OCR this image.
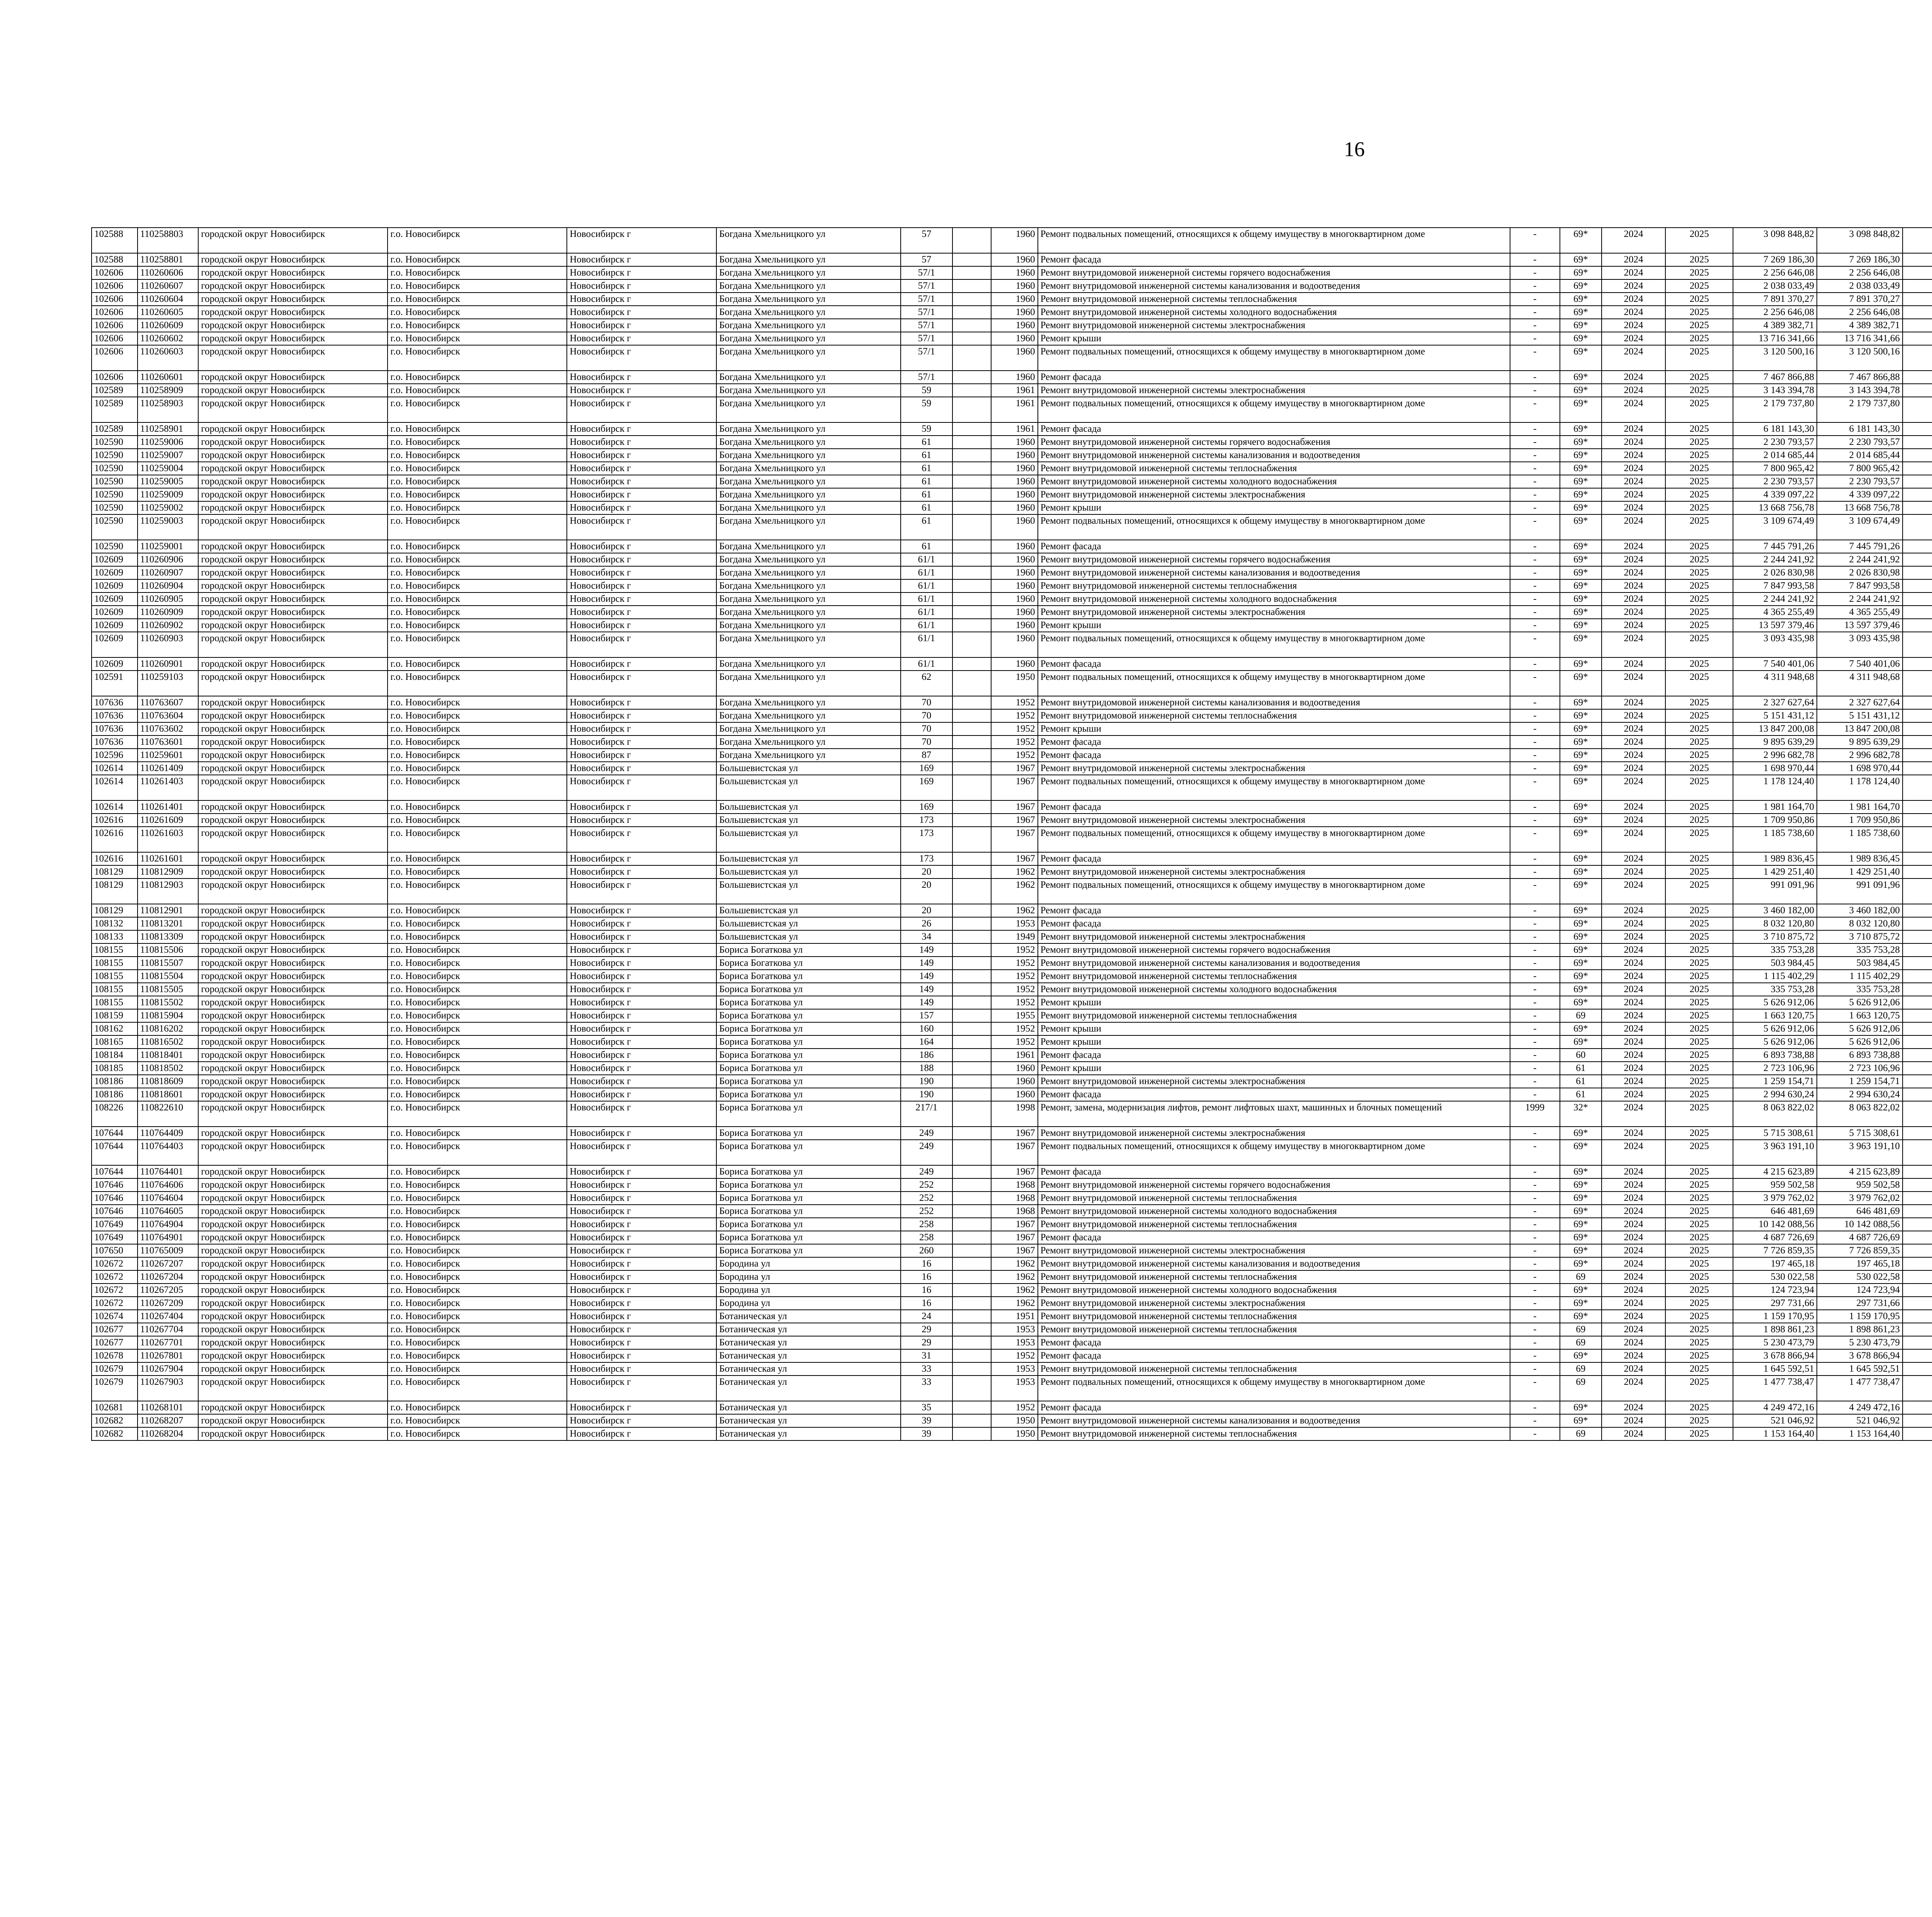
16
102588	110258803	городской округ Новосибирск	г.о. Новосибирск	Новосибирск г	Богдана Хмельницкого ул	57		1960	Ремонт подвальных помещений, относящихся к общему имуществу в многоквартирном доме	-	69*	2024	2025	3 098 848,82	3 098 848,82						
102588	110258801	городской округ Новосибирск	г.о. Новосибирск	Новосибирск г	Богдана Хмельницкого ул	57		1960	Ремонт фасада	-	69*	2024	2025	7 269 186,30	7 269 186,30						
102606	110260606	городской округ Новосибирск	г.о. Новосибирск	Новосибирск г	Богдана Хмельницкого ул	57/1		1960	Ремонт внутридомовой инженерной системы горячего водоснабжения	-	69*	2024	2025	2 256 646,08	2 256 646,08						
102606	110260607	городской округ Новосибирск	г.о. Новосибирск	Новосибирск г	Богдана Хмельницкого ул	57/1		1960	Ремонт внутридомовой инженерной системы канализования и водоотведения	-	69*	2024	2025	2 038 033,49	2 038 033,49						
102606	110260604	городской округ Новосибирск	г.о. Новосибирск	Новосибирск г	Богдана Хмельницкого ул	57/1		1960	Ремонт внутридомовой инженерной системы теплоснабжения	-	69*	2024	2025	7 891 370,27	7 891 370,27						
102606	110260605	городской округ Новосибирск	г.о. Новосибирск	Новосибирск г	Богдана Хмельницкого ул	57/1		1960	Ремонт внутридомовой инженерной системы холодного водоснабжения	-	69*	2024	2025	2 256 646,08	2 256 646,08						
102606	110260609	городской округ Новосибирск	г.о. Новосибирск	Новосибирск г	Богдана Хмельницкого ул	57/1		1960	Ремонт внутридомовой инженерной системы электроснабжения	-	69*	2024	2025	4 389 382,71	4 389 382,71						
102606	110260602	городской округ Новосибирск	г.о. Новосибирск	Новосибирск г	Богдана Хмельницкого ул	57/1		1960	Ремонт крыши	-	69*	2024	2025	13 716 341,66	13 716 341,66						
102606	110260603	городской округ Новосибирск	г.о. Новосибирск	Новосибирск г	Богдана Хмельницкого ул	57/1		1960	Ремонт подвальных помещений, относящихся к общему имуществу в многоквартирном доме	-	69*	2024	2025	3 120 500,16	3 120 500,16						
102606	110260601	городской округ Новосибирск	г.о. Новосибирск	Новосибирск г	Богдана Хмельницкого ул	57/1		1960	Ремонт фасада	-	69*	2024	2025	7 467 866,88	7 467 866,88						
102589	110258909	городской округ Новосибирск	г.о. Новосибирск	Новосибирск г	Богдана Хмельницкого ул	59		1961	Ремонт внутридомовой инженерной системы электроснабжения	-	69*	2024	2025	3 143 394,78	3 143 394,78						
102589	110258903	городской округ Новосибирск	г.о. Новосибирск	Новосибирск г	Богдана Хмельницкого ул	59		1961	Ремонт подвальных помещений, относящихся к общему имуществу в многоквартирном доме	-	69*	2024	2025	2 179 737,80	2 179 737,80						
102589	110258901	городской округ Новосибирск	г.о. Новосибирск	Новосибирск г	Богдана Хмельницкого ул	59		1961	Ремонт фасада	-	69*	2024	2025	6 181 143,30	6 181 143,30						
102590	110259006	городской округ Новосибирск	г.о. Новосибирск	Новосибирск г	Богдана Хмельницкого ул	61		1960	Ремонт внутридомовой инженерной системы горячего водоснабжения	-	69*	2024	2025	2 230 793,57	2 230 793,57						
102590	110259007	городской округ Новосибирск	г.о. Новосибирск	Новосибирск г	Богдана Хмельницкого ул	61		1960	Ремонт внутридомовой инженерной системы канализования и водоотведения	-	69*	2024	2025	2 014 685,44	2 014 685,44						
102590	110259004	городской округ Новосибирск	г.о. Новосибирск	Новосибирск г	Богдана Хмельницкого ул	61		1960	Ремонт внутридомовой инженерной системы теплоснабжения	-	69*	2024	2025	7 800 965,42	7 800 965,42						
102590	110259005	городской округ Новосибирск	г.о. Новосибирск	Новосибирск г	Богдана Хмельницкого ул	61		1960	Ремонт внутридомовой инженерной системы холодного водоснабжения	-	69*	2024	2025	2 230 793,57	2 230 793,57						
102590	110259009	городской округ Новосибирск	г.о. Новосибирск	Новосибирск г	Богдана Хмельницкого ул	61		1960	Ремонт внутридомовой инженерной системы электроснабжения	-	69*	2024	2025	4 339 097,22	4 339 097,22						
102590	110259002	городской округ Новосибирск	г.о. Новосибирск	Новосибирск г	Богдана Хмельницкого ул	61		1960	Ремонт крыши	-	69*	2024	2025	13 668 756,78	13 668 756,78						
102590	110259003	городской округ Новосибирск	г.о. Новосибирск	Новосибирск г	Богдана Хмельницкого ул	61		1960	Ремонт подвальных помещений, относящихся к общему имуществу в многоквартирном доме	-	69*	2024	2025	3 109 674,49	3 109 674,49						
102590	110259001	городской округ Новосибирск	г.о. Новосибирск	Новосибирск г	Богдана Хмельницкого ул	61		1960	Ремонт фасада	-	69*	2024	2025	7 445 791,26	7 445 791,26						
102609	110260906	городской округ Новосибирск	г.о. Новосибирск	Новосибирск г	Богдана Хмельницкого ул	61/1		1960	Ремонт внутридомовой инженерной системы горячего водоснабжения	-	69*	2024	2025	2 244 241,92	2 244 241,92						
102609	110260907	городской округ Новосибирск	г.о. Новосибирск	Новосибирск г	Богдана Хмельницкого ул	61/1		1960	Ремонт внутридомовой инженерной системы канализования и водоотведения	-	69*	2024	2025	2 026 830,98	2 026 830,98						
102609	110260904	городской округ Новосибирск	г.о. Новосибирск	Новосибирск г	Богдана Хмельницкого ул	61/1		1960	Ремонт внутридомовой инженерной системы теплоснабжения	-	69*	2024	2025	7 847 993,58	7 847 993,58						
102609	110260905	городской округ Новосибирск	г.о. Новосибирск	Новосибирск г	Богдана Хмельницкого ул	61/1		1960	Ремонт внутридомовой инженерной системы холодного водоснабжения	-	69*	2024	2025	2 244 241,92	2 244 241,92						
102609	110260909	городской округ Новосибирск	г.о. Новосибирск	Новосибирск г	Богдана Хмельницкого ул	61/1		1960	Ремонт внутридомовой инженерной системы электроснабжения	-	69*	2024	2025	4 365 255,49	4 365 255,49						
102609	110260902	городской округ Новосибирск	г.о. Новосибирск	Новосибирск г	Богдана Хмельницкого ул	61/1		1960	Ремонт крыши	-	69*	2024	2025	13 597 379,46	13 597 379,46						
102609	110260903	городской округ Новосибирск	г.о. Новосибирск	Новосибирск г	Богдана Хмельницкого ул	61/1		1960	Ремонт подвальных помещений, относящихся к общему имуществу в многоквартирном доме	-	69*	2024	2025	3 093 435,98	3 093 435,98						
102609	110260901	городской округ Новосибирск	г.о. Новосибирск	Новосибирск г	Богдана Хмельницкого ул	61/1		1960	Ремонт фасада	-	69*	2024	2025	7 540 401,06	7 540 401,06						
102591	110259103	городской округ Новосибирск	г.о. Новосибирск	Новосибирск г	Богдана Хмельницкого ул	62		1950	Ремонт подвальных помещений, относящихся к общему имуществу в многоквартирном доме	-	69*	2024	2025	4 311 948,68	4 311 948,68						
107636	110763607	городской округ Новосибирск	г.о. Новосибирск	Новосибирск г	Богдана Хмельницкого ул	70		1952	Ремонт внутридомовой инженерной системы канализования и водоотведения	-	69*	2024	2025	2 327 627,64	2 327 627,64						
107636	110763604	городской округ Новосибирск	г.о. Новосибирск	Новосибирск г	Богдана Хмельницкого ул	70		1952	Ремонт внутридомовой инженерной системы теплоснабжения	-	69*	2024	2025	5 151 431,12	5 151 431,12						
107636	110763602	городской округ Новосибирск	г.о. Новосибирск	Новосибирск г	Богдана Хмельницкого ул	70		1952	Ремонт крыши	-	69*	2024	2025	13 847 200,08	13 847 200,08						
107636	110763601	городской округ Новосибирск	г.о. Новосибирск	Новосибирск г	Богдана Хмельницкого ул	70		1952	Ремонт фасада	-	69*	2024	2025	9 895 639,29	9 895 639,29						
102596	110259601	городской округ Новосибирск	г.о. Новосибирск	Новосибирск г	Богдана Хмельницкого ул	87		1952	Ремонт фасада	-	69*	2024	2025	2 996 682,78	2 996 682,78						
102614	110261409	городской округ Новосибирск	г.о. Новосибирск	Новосибирск г	Большевистская ул	169		1967	Ремонт внутридомовой инженерной системы электроснабжения	-	69*	2024	2025	1 698 970,44	1 698 970,44						
102614	110261403	городской округ Новосибирск	г.о. Новосибирск	Новосибирск г	Большевистская ул	169		1967	Ремонт подвальных помещений, относящихся к общему имуществу в многоквартирном доме	-	69*	2024	2025	1 178 124,40	1 178 124,40						
102614	110261401	городской округ Новосибирск	г.о. Новосибирск	Новосибирск г	Большевистская ул	169		1967	Ремонт фасада	-	69*	2024	2025	1 981 164,70	1 981 164,70						
102616	110261609	городской округ Новосибирск	г.о. Новосибирск	Новосибирск г	Большевистская ул	173		1967	Ремонт внутридомовой инженерной системы электроснабжения	-	69*	2024	2025	1 709 950,86	1 709 950,86						
102616	110261603	городской округ Новосибирск	г.о. Новосибирск	Новосибирск г	Большевистская ул	173		1967	Ремонт подвальных помещений, относящихся к общему имуществу в многоквартирном доме	-	69*	2024	2025	1 185 738,60	1 185 738,60						
102616	110261601	городской округ Новосибирск	г.о. Новосибирск	Новосибирск г	Большевистская ул	173		1967	Ремонт фасада	-	69*	2024	2025	1 989 836,45	1 989 836,45						
108129	110812909	городской округ Новосибирск	г.о. Новосибирск	Новосибирск г	Большевистская ул	20		1962	Ремонт внутридомовой инженерной системы электроснабжения	-	69*	2024	2025	1 429 251,40	1 429 251,40						
108129	110812903	городской округ Новосибирск	г.о. Новосибирск	Новосибирск г	Большевистская ул	20		1962	Ремонт подвальных помещений, относящихся к общему имуществу в многоквартирном доме	-	69*	2024	2025	991 091,96	991 091,96						
108129	110812901	городской округ Новосибирск	г.о. Новосибирск	Новосибирск г	Большевистская ул	20		1962	Ремонт фасада	-	69*	2024	2025	3 460 182,00	3 460 182,00						
108132	110813201	городской округ Новосибирск	г.о. Новосибирск	Новосибирск г	Большевистская ул	26		1953	Ремонт фасада	-	69*	2024	2025	8 032 120,80	8 032 120,80						
108133	110813309	городской округ Новосибирск	г.о. Новосибирск	Новосибирск г	Большевистская ул	34		1949	Ремонт внутридомовой инженерной системы электроснабжения	-	69*	2024	2025	3 710 875,72	3 710 875,72						
108155	110815506	городской округ Новосибирск	г.о. Новосибирск	Новосибирск г	Бориса Богаткова ул	149		1952	Ремонт внутридомовой инженерной системы горячего водоснабжения	-	69*	2024	2025	335 753,28	335 753,28						
108155	110815507	городской округ Новосибирск	г.о. Новосибирск	Новосибирск г	Бориса Богаткова ул	149		1952	Ремонт внутридомовой инженерной системы канализования и водоотведения	-	69*	2024	2025	503 984,45	503 984,45						
108155	110815504	городской округ Новосибирск	г.о. Новосибирск	Новосибирск г	Бориса Богаткова ул	149		1952	Ремонт внутридомовой инженерной системы теплоснабжения	-	69*	2024	2025	1 115 402,29	1 115 402,29						
108155	110815505	городской округ Новосибирск	г.о. Новосибирск	Новосибирск г	Бориса Богаткова ул	149		1952	Ремонт внутридомовой инженерной системы холодного водоснабжения	-	69*	2024	2025	335 753,28	335 753,28						
108155	110815502	городской округ Новосибирск	г.о. Новосибирск	Новосибирск г	Бориса Богаткова ул	149		1952	Ремонт крыши	-	69*	2024	2025	5 626 912,06	5 626 912,06						
108159	110815904	городской округ Новосибирск	г.о. Новосибирск	Новосибирск г	Бориса Богаткова ул	157		1955	Ремонт внутридомовой инженерной системы теплоснабжения	-	69	2024	2025	1 663 120,75	1 663 120,75						
108162	110816202	городской округ Новосибирск	г.о. Новосибирск	Новосибирск г	Бориса Богаткова ул	160		1952	Ремонт крыши	-	69*	2024	2025	5 626 912,06	5 626 912,06						
108165	110816502	городской округ Новосибирск	г.о. Новосибирск	Новосибирск г	Бориса Богаткова ул	164		1952	Ремонт крыши	-	69*	2024	2025	5 626 912,06	5 626 912,06						
108184	110818401	городской округ Новосибирск	г.о. Новосибирск	Новосибирск г	Бориса Богаткова ул	186		1961	Ремонт фасада	-	60	2024	2025	6 893 738,88	6 893 738,88						
108185	110818502	городской округ Новосибирск	г.о. Новосибирск	Новосибирск г	Бориса Богаткова ул	188		1960	Ремонт крыши	-	61	2024	2025	2 723 106,96	2 723 106,96						
108186	110818609	городской округ Новосибирск	г.о. Новосибирск	Новосибирск г	Бориса Богаткова ул	190		1960	Ремонт внутридомовой инженерной системы электроснабжения	-	61	2024	2025	1 259 154,71	1 259 154,71						
108186	110818601	городской округ Новосибирск	г.о. Новосибирск	Новосибирск г	Бориса Богаткова ул	190		1960	Ремонт фасада	-	61	2024	2025	2 994 630,24	2 994 630,24						
108226	110822610	городской округ Новосибирск	г.о. Новосибирск	Новосибирск г	Бориса Богаткова ул	217/1		1998	Ремонт, замена, модернизация лифтов, ремонт лифтовых шахт, машинных и блочных помещений	1999	32*	2024	2025	8 063 822,02	8 063 822,02						
107644	110764409	городской округ Новосибирск	г.о. Новосибирск	Новосибирск г	Бориса Богаткова ул	249		1967	Ремонт внутридомовой инженерной системы электроснабжения	-	69*	2024	2025	5 715 308,61	5 715 308,61						
107644	110764403	городской округ Новосибирск	г.о. Новосибирск	Новосибирск г	Бориса Богаткова ул	249		1967	Ремонт подвальных помещений, относящихся к общему имуществу в многоквартирном доме	-	69*	2024	2025	3 963 191,10	3 963 191,10						
107644	110764401	городской округ Новосибирск	г.о. Новосибирск	Новосибирск г	Бориса Богаткова ул	249		1967	Ремонт фасада	-	69*	2024	2025	4 215 623,89	4 215 623,89						
107646	110764606	городской округ Новосибирск	г.о. Новосибирск	Новосибирск г	Бориса Богаткова ул	252		1968	Ремонт внутридомовой инженерной системы горячего водоснабжения	-	69*	2024	2025	959 502,58	959 502,58						
107646	110764604	городской округ Новосибирск	г.о. Новосибирск	Новосибирск г	Бориса Богаткова ул	252		1968	Ремонт внутридомовой инженерной системы теплоснабжения	-	69*	2024	2025	3 979 762,02	3 979 762,02						
107646	110764605	городской округ Новосибирск	г.о. Новосибирск	Новосибирск г	Бориса Богаткова ул	252		1968	Ремонт внутридомовой инженерной системы холодного водоснабжения	-	69*	2024	2025	646 481,69	646 481,69						
107649	110764904	городской округ Новосибирск	г.о. Новосибирск	Новосибирск г	Бориса Богаткова ул	258		1967	Ремонт внутридомовой инженерной системы теплоснабжения	-	69*	2024	2025	10 142 088,56	10 142 088,56						
107649	110764901	городской округ Новосибирск	г.о. Новосибирск	Новосибирск г	Бориса Богаткова ул	258		1967	Ремонт фасада	-	69*	2024	2025	4 687 726,69	4 687 726,69						
107650	110765009	городской округ Новосибирск	г.о. Новосибирск	Новосибирск г	Бориса Богаткова ул	260		1967	Ремонт внутридомовой инженерной системы электроснабжения	-	69*	2024	2025	7 726 859,35	7 726 859,35						
102672	110267207	городской округ Новосибирск	г.о. Новосибирск	Новосибирск г	Бородина ул	16		1962	Ремонт внутридомовой инженерной системы канализования и водоотведения	-	69*	2024	2025	197 465,18	197 465,18						
102672	110267204	городской округ Новосибирск	г.о. Новосибирск	Новосибирск г	Бородина ул	16		1962	Ремонт внутридомовой инженерной системы теплоснабжения	-	69	2024	2025	530 022,58	530 022,58						
102672	110267205	городской округ Новосибирск	г.о. Новосибирск	Новосибирск г	Бородина ул	16		1962	Ремонт внутридомовой инженерной системы холодного водоснабжения	-	69*	2024	2025	124 723,94	124 723,94						
102672	110267209	городской округ Новосибирск	г.о. Новосибирск	Новосибирск г	Бородина ул	16		1962	Ремонт внутридомовой инженерной системы электроснабжения	-	69*	2024	2025	297 731,66	297 731,66						
102674	110267404	городской округ Новосибирск	г.о. Новосибирск	Новосибирск г	Ботаническая ул	24		1951	Ремонт внутридомовой инженерной системы теплоснабжения	-	69*	2024	2025	1 159 170,95	1 159 170,95						
102677	110267704	городской округ Новосибирск	г.о. Новосибирск	Новосибирск г	Ботаническая ул	29		1953	Ремонт внутридомовой инженерной системы теплоснабжения	-	69	2024	2025	1 898 861,23	1 898 861,23						
102677	110267701	городской округ Новосибирск	г.о. Новосибирск	Новосибирск г	Ботаническая ул	29		1953	Ремонт фасада	-	69	2024	2025	5 230 473,79	5 230 473,79						
102678	110267801	городской округ Новосибирск	г.о. Новосибирск	Новосибирск г	Ботаническая ул	31		1952	Ремонт фасада	-	69*	2024	2025	3 678 866,94	3 678 866,94						
102679	110267904	городской округ Новосибирск	г.о. Новосибирск	Новосибирск г	Ботаническая ул	33		1953	Ремонт внутридомовой инженерной системы теплоснабжения	-	69	2024	2025	1 645 592,51	1 645 592,51						
102679	110267903	городской округ Новосибирск	г.о. Новосибирск	Новосибирск г	Ботаническая ул	33		1953	Ремонт подвальных помещений, относящихся к общему имуществу в многоквартирном доме	-	69	2024	2025	1 477 738,47	1 477 738,47						
102681	110268101	городской округ Новосибирск	г.о. Новосибирск	Новосибирск г	Ботаническая ул	35		1952	Ремонт фасада	-	69*	2024	2025	4 249 472,16	4 249 472,16						
102682	110268207	городской округ Новосибирск	г.о. Новосибирск	Новосибирск г	Ботаническая ул	39		1950	Ремонт внутридомовой инженерной системы канализования и водоотведения	-	69*	2024	2025	521 046,92	521 046,92						
102682	110268204	городской округ Новосибирск	г.о. Новосибирск	Новосибирск г	Ботаническая ул	39		1950	Ремонт внутридомовой инженерной системы теплоснабжения	-	69	2024	2025	1 153 164,40	1 153 164,40						
